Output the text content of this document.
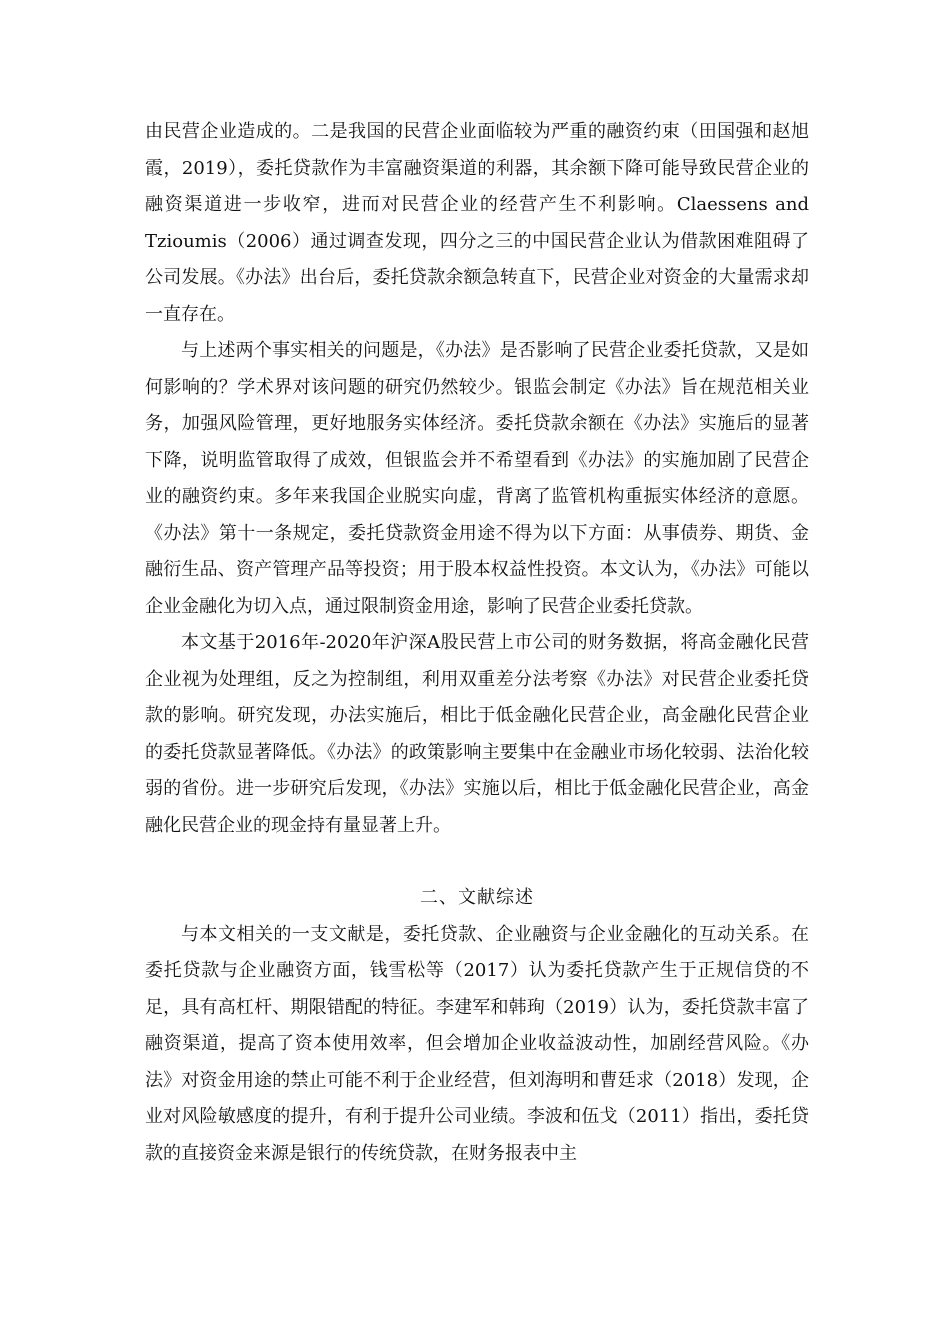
由民营企业造成的。二是我国的民营企业面临较为严重的融资约束（田国强和赵旭霞，2019），委托贷款作为丰富融资渠道的利器，其余额下降可能导致民营企业的融资渠道进一步收窄，进而对民营企业的经营产生不利影响。Claessens and Tzioumis（2006）通过调查发现，四分之三的中国民营企业认为借款困难阻碍了公司发展。《办法》出台后，委托贷款余额急转直下，民营企业对资金的大量需求却一直存在。

与上述两个事实相关的问题是，《办法》是否影响了民营企业委托贷款，又是如何影响的？学术界对该问题的研究仍然较少。银监会制定《办法》旨在规范相关业务，加强风险管理，更好地服务实体经济。委托贷款余额在《办法》实施后的显著下降，说明监管取得了成效，但银监会并不希望看到《办法》的实施加剧了民营企业的融资约束。多年来我国企业脱实向虚，背离了监管机构重振实体经济的意愿。《办法》第十一条规定，委托贷款资金用途不得为以下方面：从事债券、期货、金融衍生品、资产管理产品等投资；用于股本权益性投资。本文认为，《办法》可能以企业金融化为切入点，通过限制资金用途，影响了民营企业委托贷款。

本文基于2016年-2020年沪深A股民营上市公司的财务数据，将高金融化民营企业视为处理组，反之为控制组，利用双重差分法考察《办法》对民营企业委托贷款的影响。研究发现，办法实施后，相比于低金融化民营企业，高金融化民营企业的委托贷款显著降低。《办法》的政策影响主要集中在金融业市场化较弱、法治化较弱的省份。进一步研究后发现，《办法》实施以后，相比于低金融化民营企业，高金融化民营企业的现金持有量显著上升。

二、文献综述

与本文相关的一支文献是，委托贷款、企业融资与企业金融化的互动关系。在委托贷款与企业融资方面，钱雪松等（2017）认为委托贷款产生于正规信贷的不足，具有高杠杆、期限错配的特征。李建军和韩珣（2019）认为，委托贷款丰富了融资渠道，提高了资本使用效率，但会增加企业收益波动性，加剧经营风险。《办法》对资金用途的禁止可能不利于企业经营，但刘海明和曹廷求（2018）发现，企业对风险敏感度的提升，有利于提升公司业绩。李波和伍戈（2011）指出，委托贷款的直接资金来源是银行的传统贷款，在财务报表中主
